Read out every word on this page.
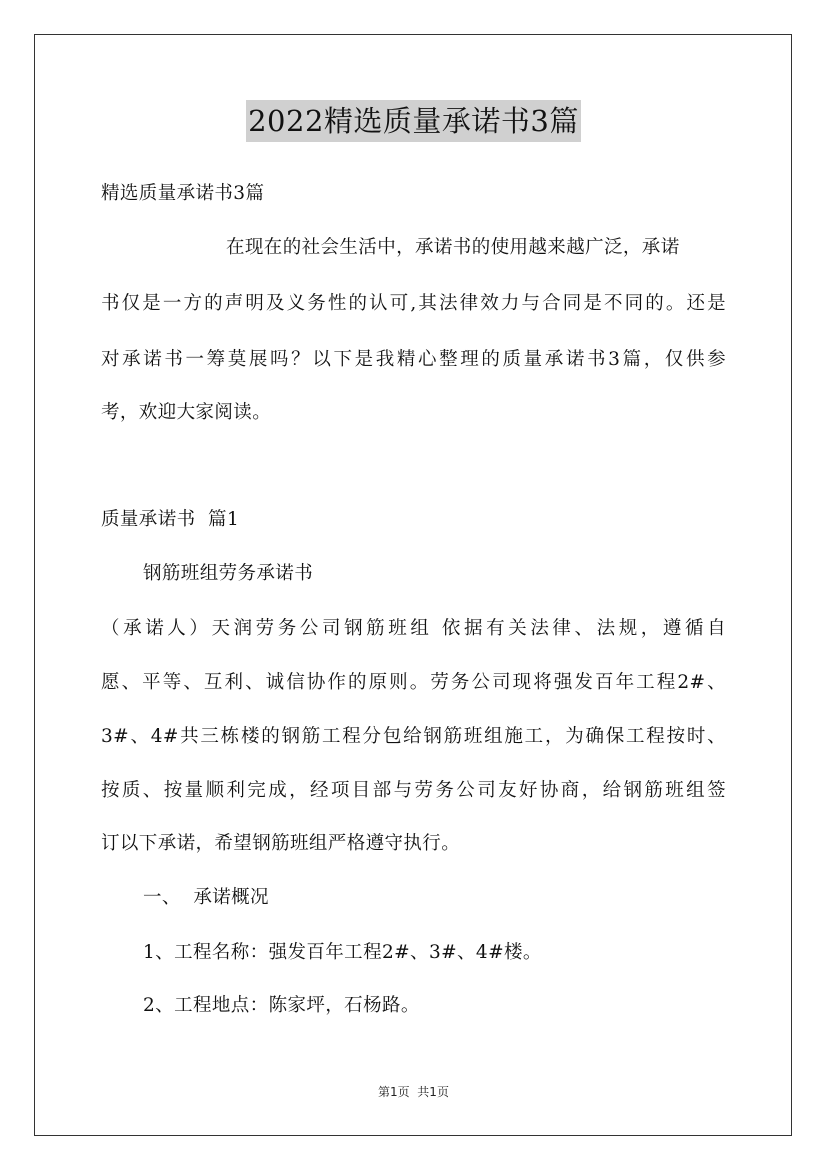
2022精选质量承诺书3篇
精选质量承诺书3篇
在现在的社会生活中，承诺书的使用越来越广泛，承诺
书仅是一方的声明及义务性的认可,其法律效力与合同是不同的。还是
对承诺书一筹莫展吗？以下是我精心整理的质量承诺书3篇，仅供参
考，欢迎大家阅读。
质量承诺书  篇1
钢筋班组劳务承诺书
（承诺人）天润劳务公司钢筋班组 依据有关法律、法规，遵循自
愿、平等、互利、诚信协作的原则。劳务公司现将强发百年工程2#、
3#、4#共三栋楼的钢筋工程分包给钢筋班组施工，为确保工程按时、
按质、按量顺利完成，经项目部与劳务公司友好协商，给钢筋班组签
订以下承诺，希望钢筋班组严格遵守执行。
一、  承诺概况
1、工程名称：强发百年工程2#、3#、4#楼。
2、工程地点：陈家坪，石杨路。
第1页  共1页
